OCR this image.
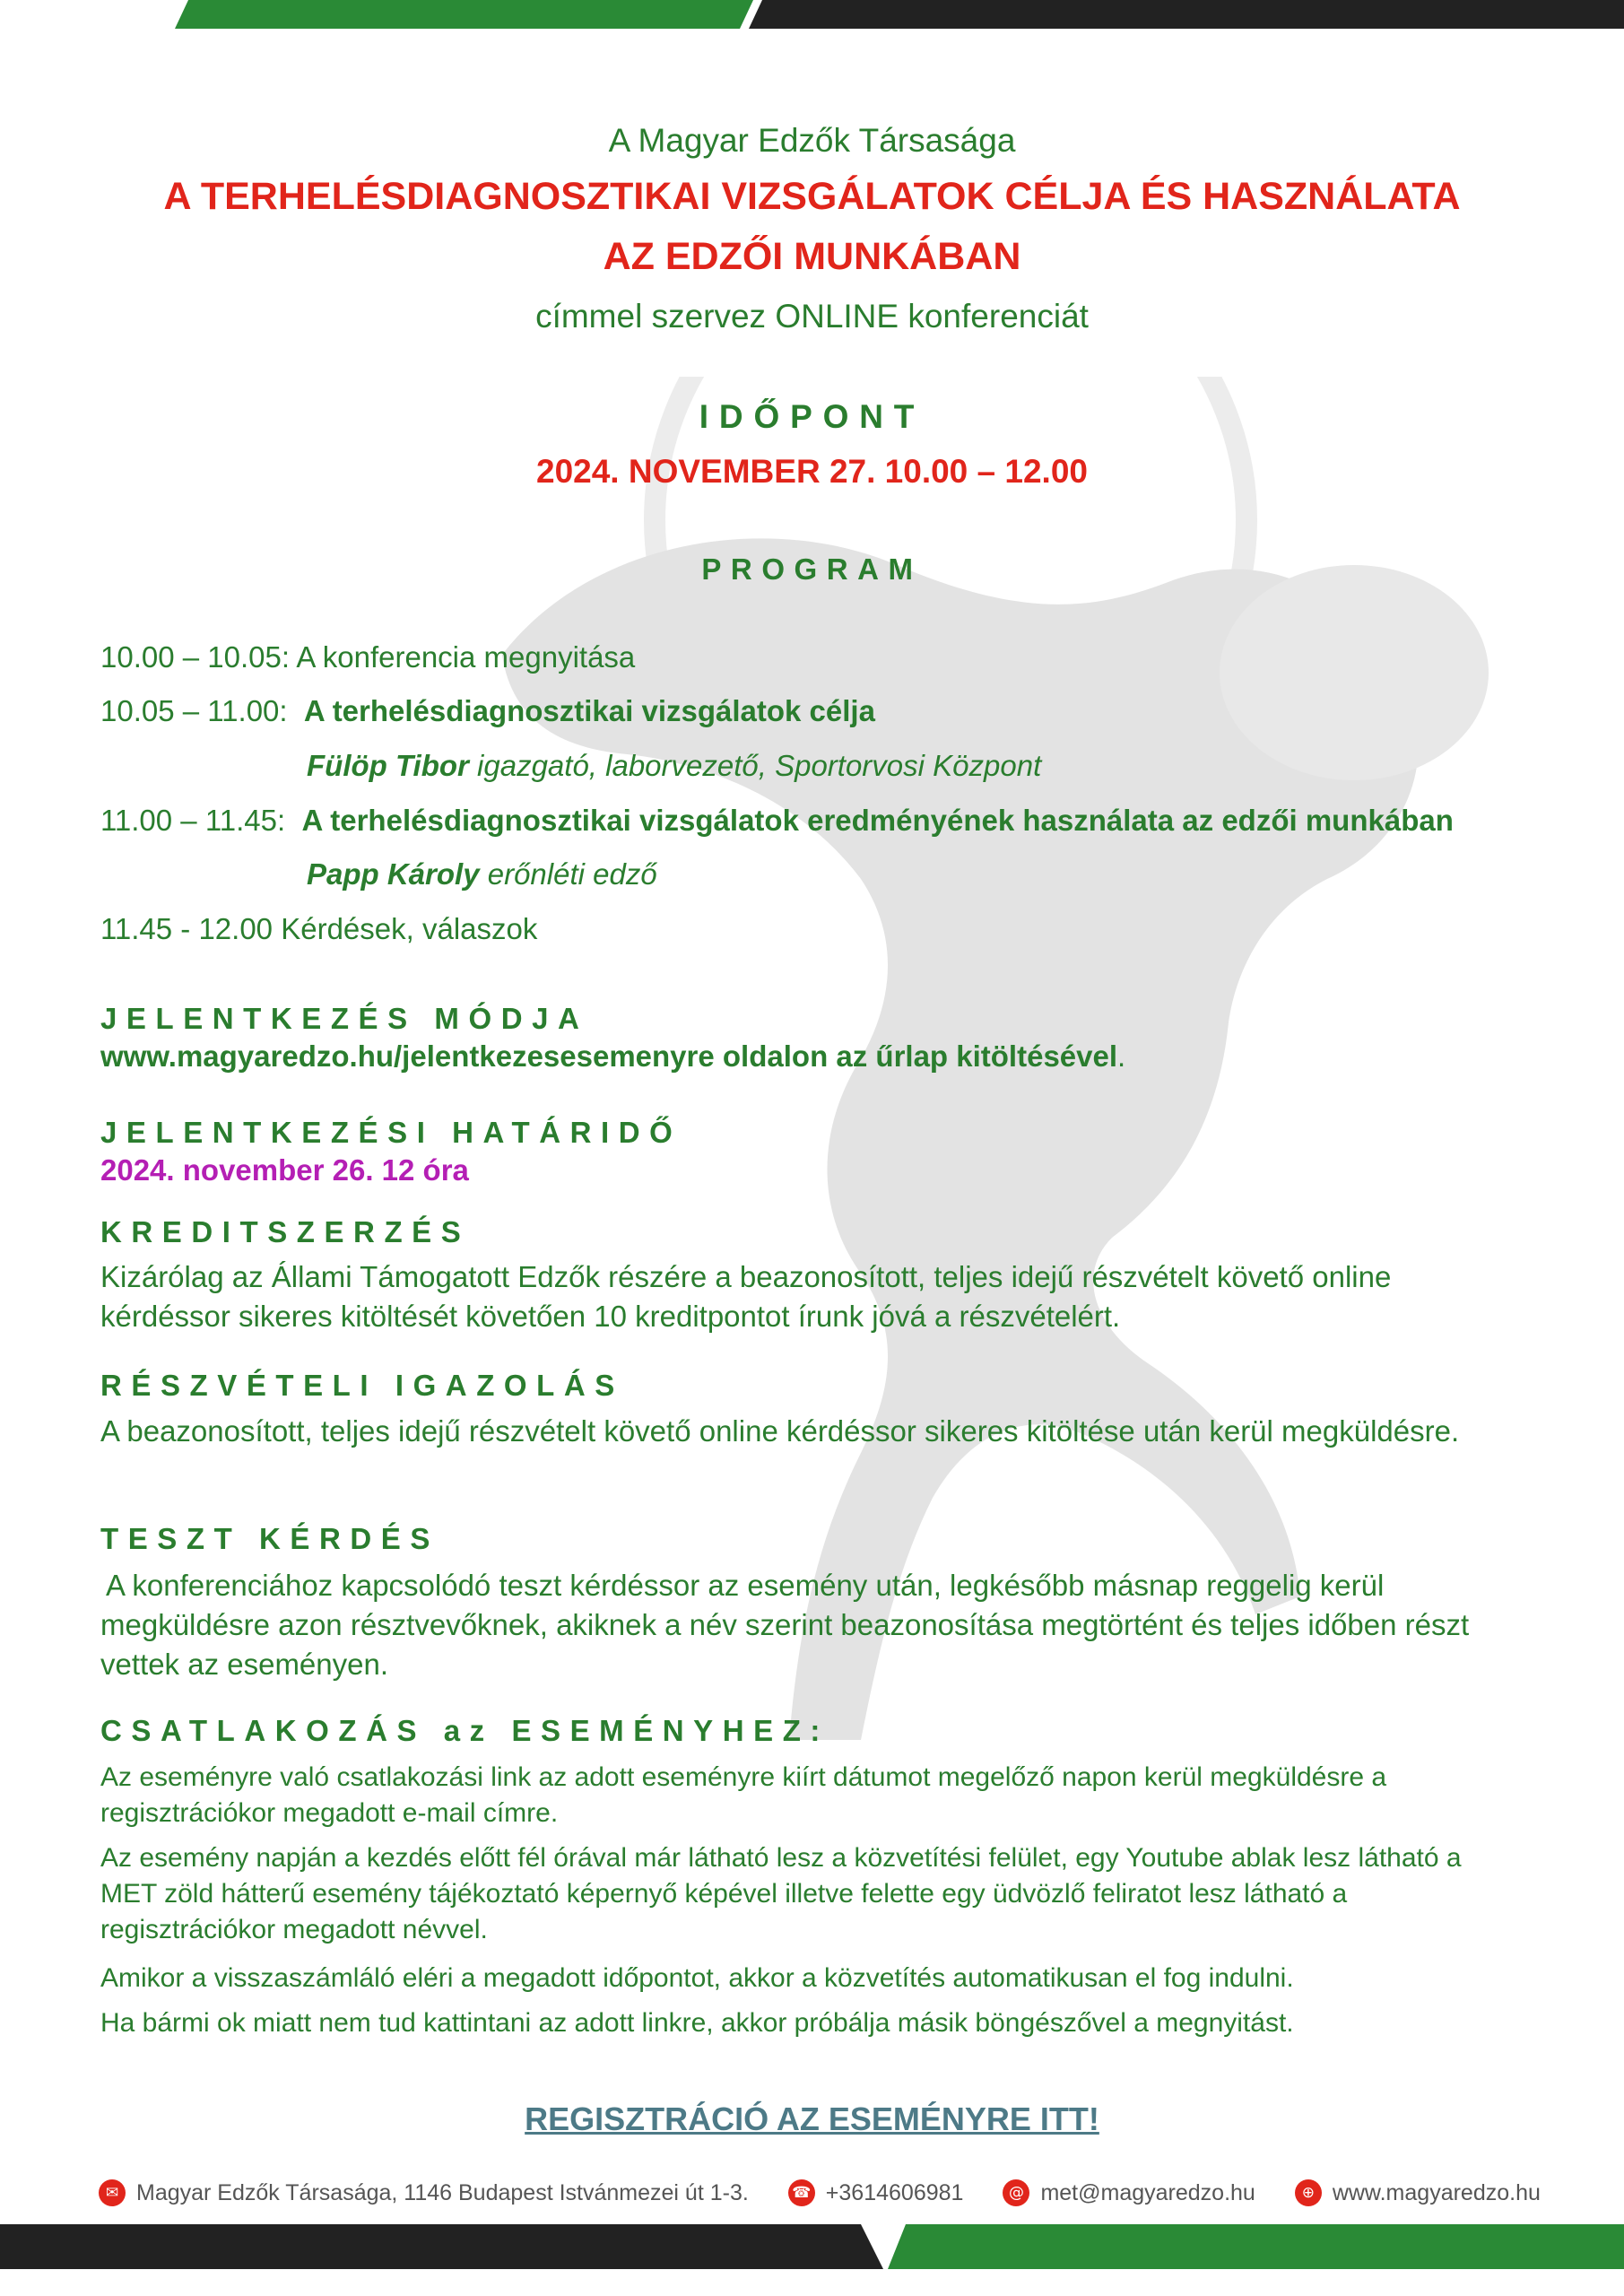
A Magyar Edzők Társasága
A TERHELÉSDIAGNOSZTIKAI VIZSGÁLATOK CÉLJA ÉS HASZNÁLATA
AZ EDZŐI MUNKÁBAN
címmel szervez ONLINE konferenciát
IDŐPONT
2024. NOVEMBER 27. 10.00 – 12.00
PROGRAM
10.00 – 10.05: A konferencia megnyitása
10.05 – 11.00: A terhelésdiagnosztikai vizsgálatok célja
Fülöp Tibor igazgató, laborvezető, Sportorvosi Központ
11.00 – 11.45: A terhelésdiagnosztikai vizsgálatok eredményének használata az edzői munkában
Papp Károly erőnléti edző
11.45 - 12.00 Kérdések, válaszok
JELENTKEZÉS MÓDJA
www.magyaredzo.hu/jelentkezesesemenyre oldalon az űrlap kitöltésével.
JELENTKEZÉSI HATÁRIDŐ
2024. november 26. 12 óra
KREDITSZERZÉS
Kizárólag az Állami Támogatott Edzők részére a beazonosított, teljes idejű részvételt követő online kérdéssor sikeres kitöltését követően 10 kreditpontot írunk jóvá a részvételért.
RÉSZVÉTELI IGAZOLÁS
A beazonosított, teljes idejű részvételt követő online kérdéssor sikeres kitöltése után kerül megküldésre.
TESZT KÉRDÉS
A konferenciához kapcsolódó teszt kérdéssor az esemény után, legkésőbb másnap reggelig kerül megküldésre azon résztvevőknek, akiknek a név szerint beazonosítása megtörtént és teljes időben részt vettek az eseményen.
CSATLAKOZÁS az ESEMÉNYHEZ:
Az eseményre való csatlakozási link az adott eseményre kiírt dátumot megelőző napon kerül megküldésre a regisztrációkor megadott e-mail címre.
Az esemény napján a kezdés előtt fél órával már látható lesz a közvetítési felület, egy Youtube ablak lesz látható a MET zöld hátterű esemény tájékoztató képernyő képével illetve felette egy üdvözlő feliratot lesz látható a regisztrációkor megadott névvel.
Amikor a visszaszámláló eléri a megadott időpontot, akkor a közvetítés automatikusan el fog indulni.
Ha bármi ok miatt nem tud kattintani az adott linkre, akkor próbálja másik böngészővel a megnyitást.
REGISZTRÁCIÓ AZ ESEMÉNYRE ITT!
✉ Magyar Edzők Társasága, 1146 Budapest Istvánmezei út 1-3.	☎ +3614606981	@ met@magyaredzo.hu	⊕ www.magyaredzo.hu
